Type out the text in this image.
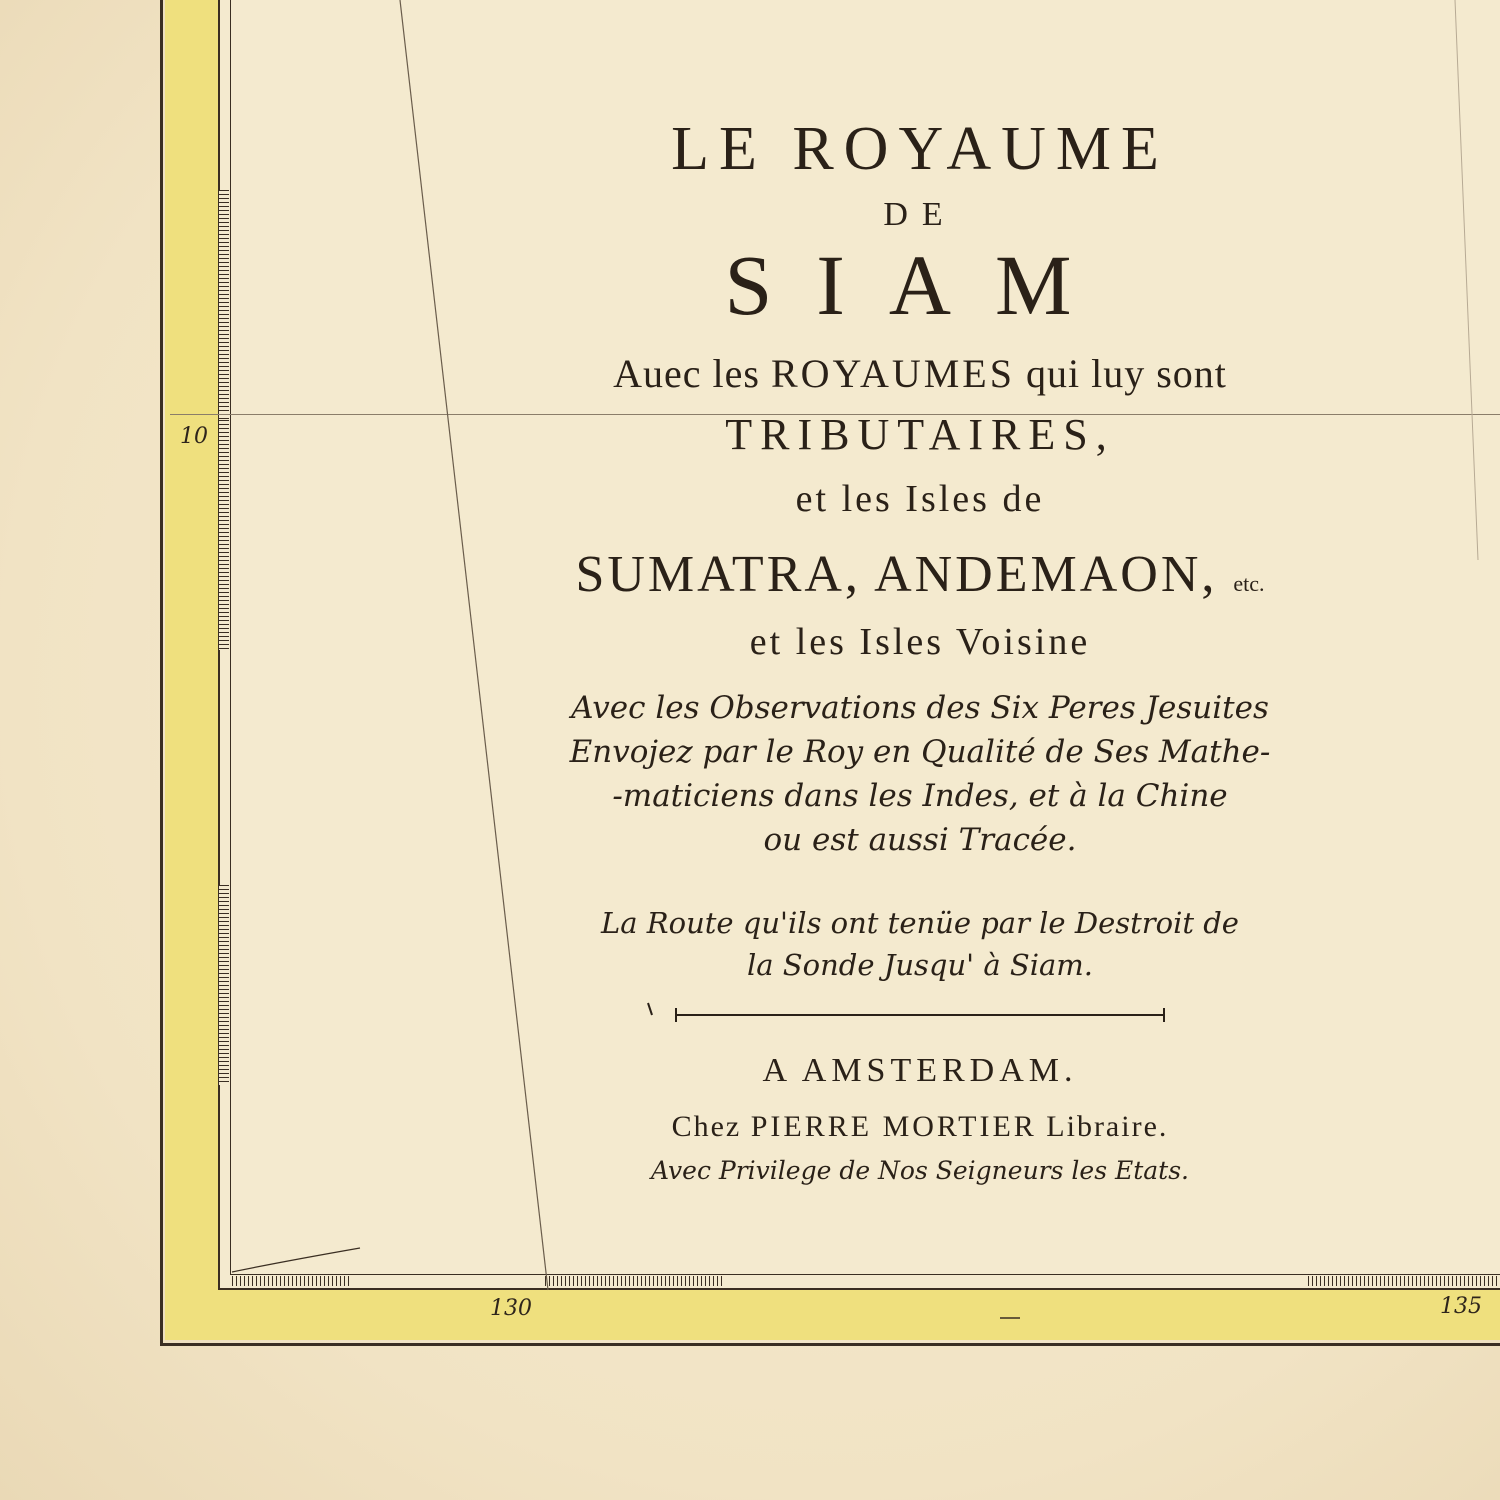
10
130	135

LE ROYAUME

DE

SIAM

Auec les ROYAUMES qui luy sont

TRIBUTAIRES,

et les Isles de

SUMATRA, ANDEMAON, etc.

et les Isles Voisine

Avec les Observations des Six Peres Jesuites

Envojez par le Roy en Qualité de Ses Mathe-

-maticiens dans les Indes, et à la Chine

ou est aussi Tracée.

La Route qu'ils ont tenüe par le Destroit de

la Sonde Jusqu' à Siam.

A AMSTERDAM.

Chez PIERRE MORTIER Libraire.

Avec Privilege de Nos Seigneurs les Etats.
